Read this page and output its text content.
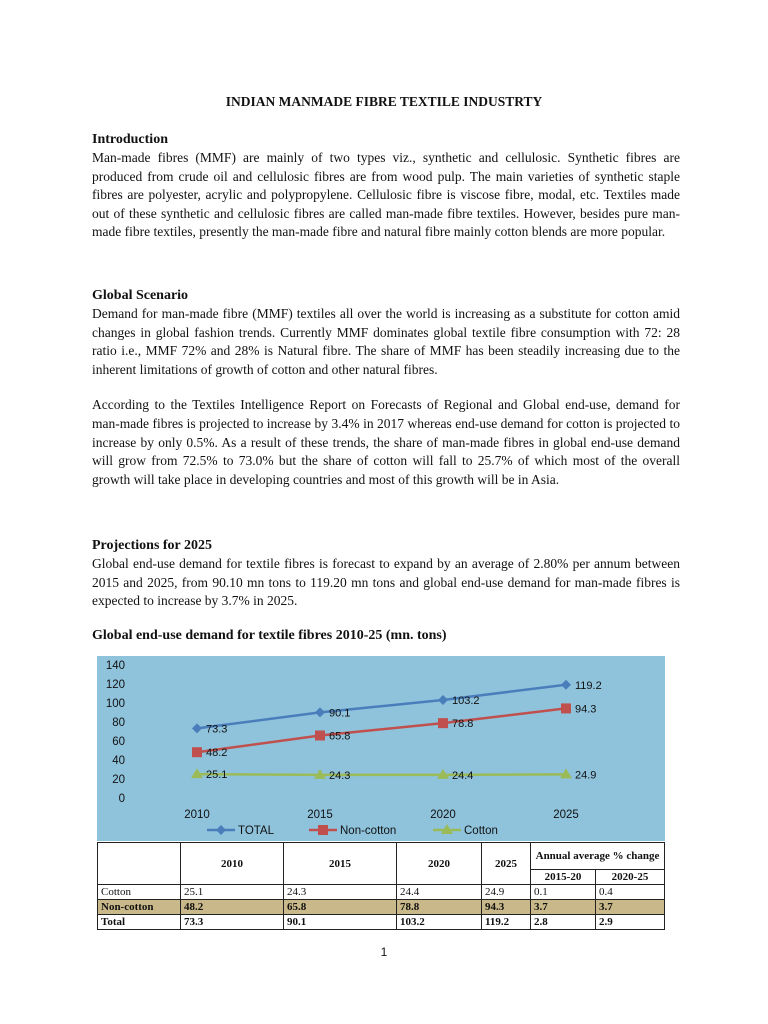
INDIAN MANMADE FIBRE TEXTILE INDUSTRTY
Introduction
Man-made fibres (MMF) are mainly of two types viz., synthetic and cellulosic. Synthetic fibres are produced from crude oil and cellulosic fibres are from wood pulp. The main varieties of synthetic staple fibres are polyester, acrylic and polypropylene. Cellulosic fibre is viscose fibre, modal, etc. Textiles made out of these synthetic and cellulosic fibres are called man-made fibre textiles. However, besides pure man-made fibre textiles, presently the man-made fibre and natural fibre mainly cotton blends are more popular.
Global Scenario
Demand for man-made fibre (MMF) textiles all over the world is increasing as a substitute for cotton amid changes in global fashion trends. Currently MMF dominates global textile fibre consumption with 72: 28 ratio i.e., MMF 72% and 28% is Natural fibre. The share of MMF has been steadily increasing due to the inherent limitations of growth of cotton and other natural fibres.
According to the Textiles Intelligence Report on Forecasts of Regional and Global end-use, demand for man-made fibres is projected to increase by 3.4% in 2017 whereas end-use demand for cotton is projected to increase by only 0.5%. As a result of these trends, the share of man-made fibres in global end-use demand will grow from 72.5% to 73.0% but the share of cotton will fall to 25.7% of which most of the overall growth will take place in developing countries and most of this growth will be in Asia.
Projections for 2025
Global end-use demand for textile fibres is forecast to expand by an average of 2.80% per annum between 2015 and 2025, from 90.10 mn tons to 119.20 mn tons and global end-use demand for man-made fibres is expected to increase by 3.7% in 2025.
Global end-use demand for textile fibres 2010-25 (mn. tons)
140
120
100
80
60
40
20
0
2010	2015	2020	2025
73.3
90.1
103.2
119.2
48.2
65.8
78.8
94.3
25.1	24.3	24.4	24.9
TOTAL	Non-cotton	Cotton
	2010	2015	2020	2025	Annual average % change	
					2015-20	2020-25
Cotton	25.1	24.3	24.4	24.9	0.1	0.4
Non-cotton	48.2	65.8	78.8	94.3	3.7	3.7
Total	73.3	90.1	103.2	119.2	2.8	2.9
1
